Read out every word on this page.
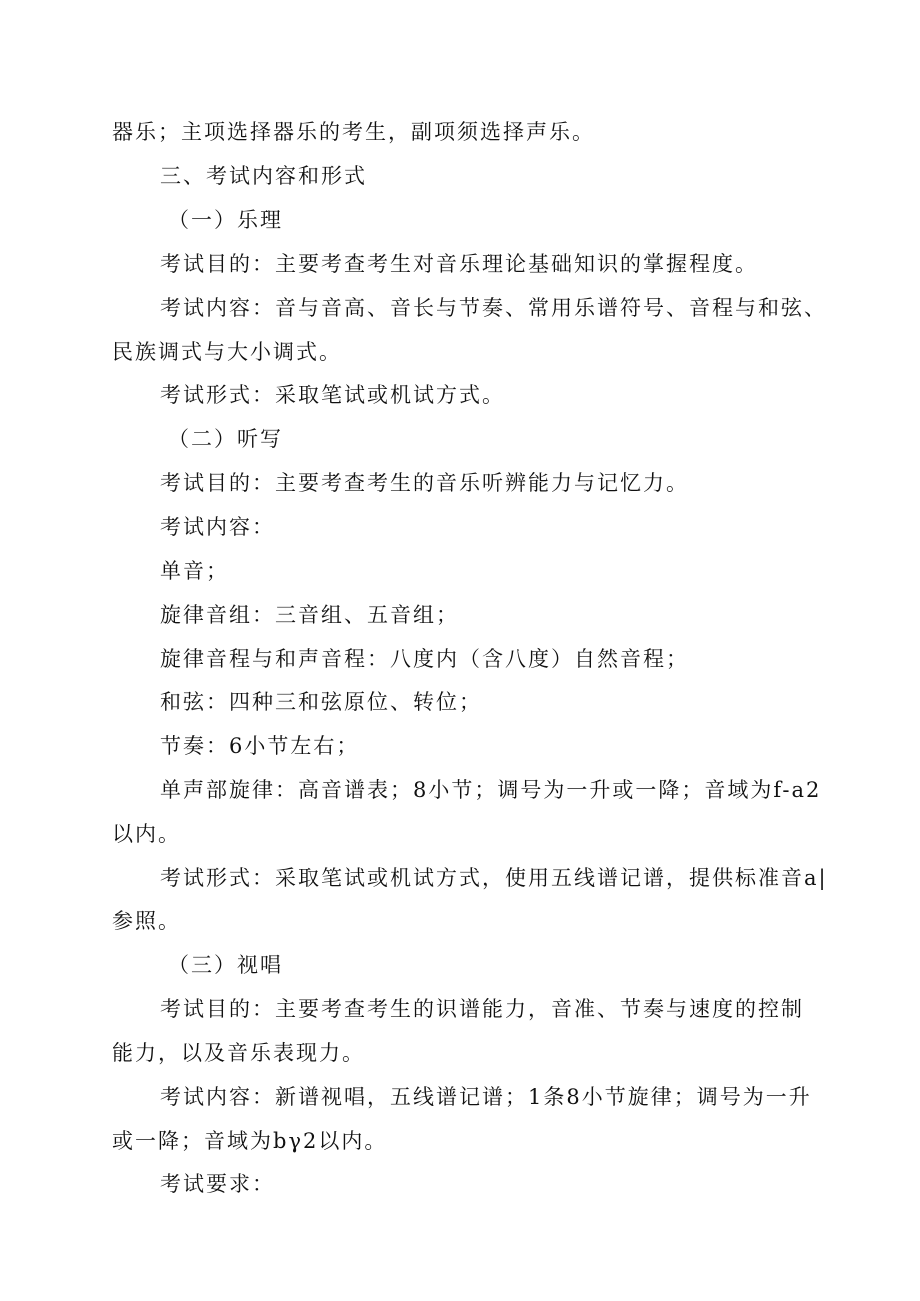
器乐；主项选择器乐的考生，副项须选择声乐。
三、考试内容和形式
（一）乐理
考试目的：主要考查考生对音乐理论基础知识的掌握程度。
考试内容：音与音高、音长与节奏、常用乐谱符号、音程与和弦、
民族调式与大小调式。
考试形式：采取笔试或机试方式。
（二）听写
考试目的：主要考查考生的音乐听辨能力与记忆力。
考试内容：
单音；
旋律音组：三音组、五音组；
旋律音程与和声音程：八度内（含八度）自然音程；
和弦：四种三和弦原位、转位；
节奏：6小节左右；
单声部旋律：高音谱表；8小节；调号为一升或一降；音域为f-a2
以内。
考试形式：采取笔试或机试方式，使用五线谱记谱，提供标准音a|
参照。
（三）视唱
考试目的：主要考查考生的识谱能力，音准、节奏与速度的控制
能力，以及音乐表现力。
考试内容：新谱视唱，五线谱记谱；1条8小节旋律；调号为一升
或一降；音域为bγ2以内。
考试要求：
